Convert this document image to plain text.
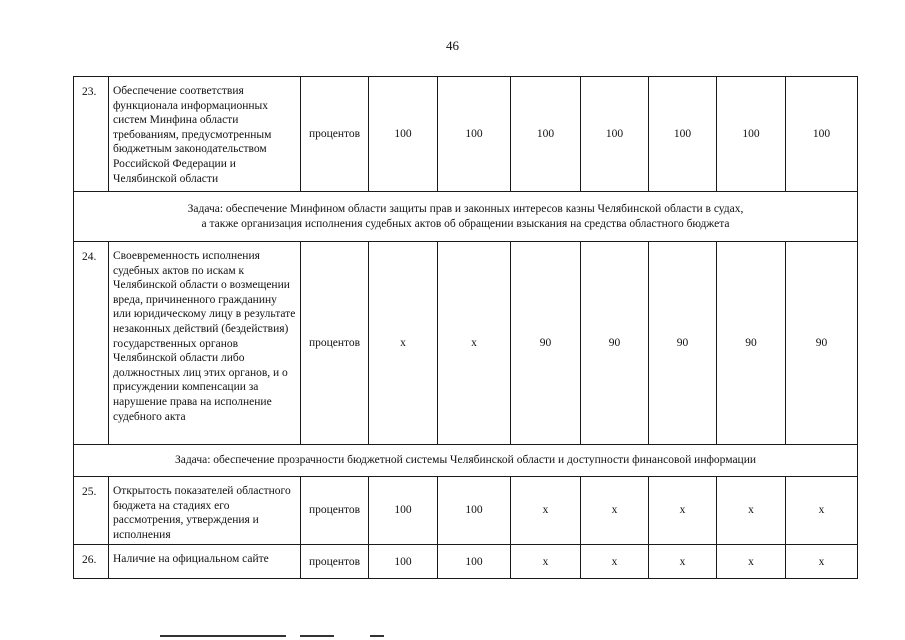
46
23.	Обеспечение соответствия функционала информационных систем Минфина области требованиям, предусмотренным бюджетным законодательством Российской Федерации и Челябинской области	процентов	100	100	100	100	100	100	100

Задача: обеспечение Минфином области защиты прав и законных интересов казны Челябинской области в судах,
а также организация исполнения судебных актов об обращении взыскания на средства областного бюджета									

24.	Своевременность исполнения судебных актов по искам к Челябинской области о возмещении вреда, причиненного гражданину или юридическому лицу в результате незаконных действий (бездействия) государственных органов Челябинской области либо должностных лиц этих органов, и о присуждении компенсации за нарушение права на исполнение судебного акта	процентов	x	x	90	90	90	90	90

Задача: обеспечение прозрачности бюджетной системы Челябинской области и доступности финансовой информации									

25.	Открытость показателей областного бюджета на стадиях его рассмотрения, утверждения и исполнения	процентов	100	100	x	x	x	x	x
26.	Наличие на официальном сайте	процентов	100	100	x	x	x	x	x
